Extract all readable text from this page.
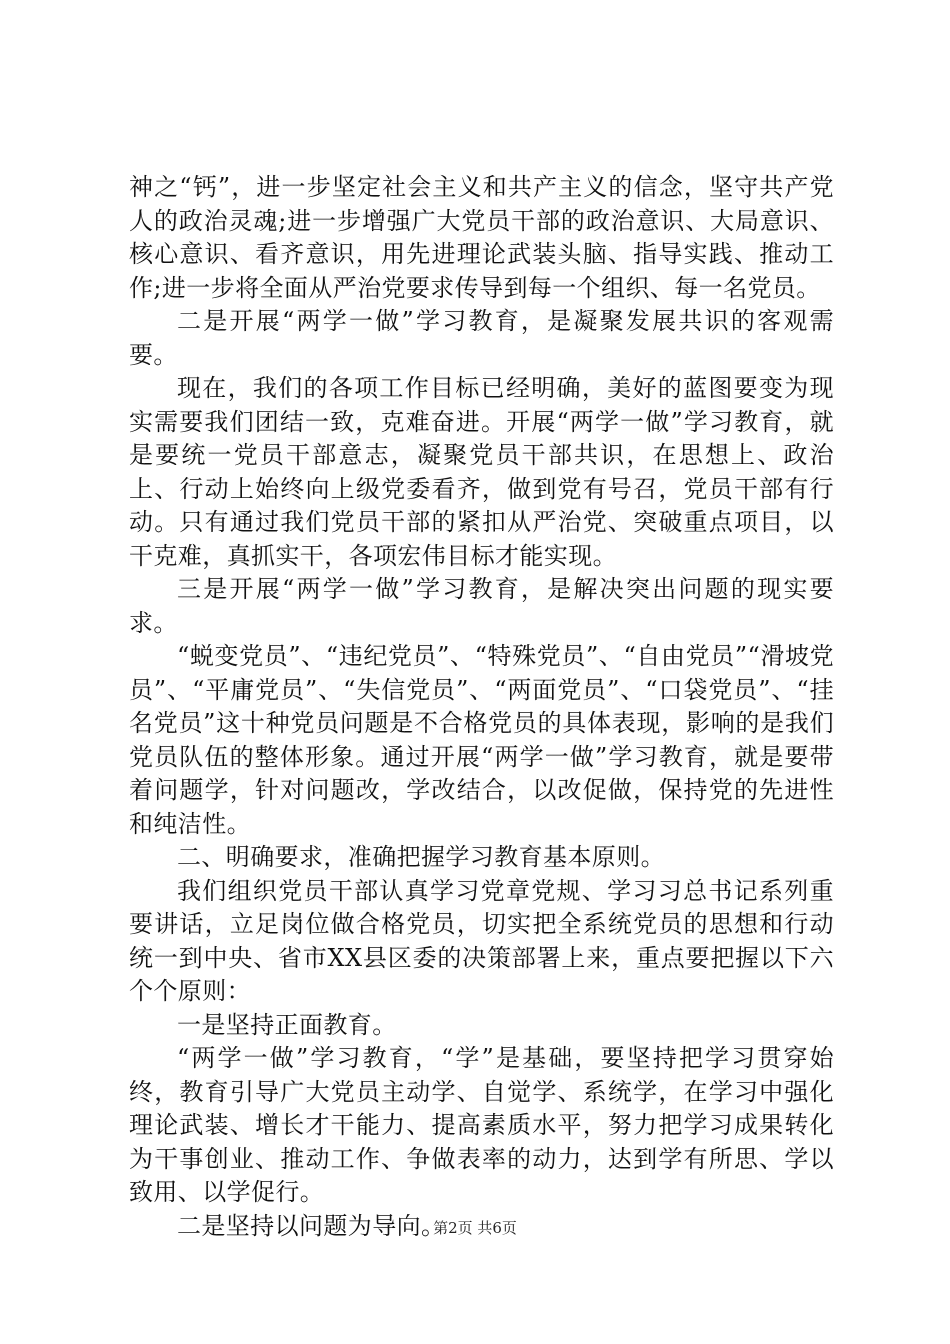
神之“钙”，进一步坚定社会主义和共产主义的信念，坚守共产党人的政治灵魂;进一步增强广大党员干部的政治意识、大局意识、核心意识、看齐意识，用先进理论武装头脑、指导实践、推动工作;进一步将全面从严治党要求传导到每一个组织、每一名党员。

二是开展“两学一做”学习教育，是凝聚发展共识的客观需要。

现在，我们的各项工作目标已经明确，美好的蓝图要变为现实需要我们团结一致，克难奋进。开展“两学一做”学习教育，就是要统一党员干部意志，凝聚党员干部共识，在思想上、政治上、行动上始终向上级党委看齐，做到党有号召，党员干部有行动。只有通过我们党员干部的紧扣从严治党、突破重点项目，以干克难，真抓实干，各项宏伟目标才能实现。

三是开展“两学一做”学习教育，是解决突出问题的现实要求。

“蜕变党员”、“违纪党员”、“特殊党员”、“自由党员”“滑坡党员”、“平庸党员”、“失信党员”、“两面党员”、“口袋党员”、“挂名党员”这十种党员问题是不合格党员的具体表现，影响的是我们党员队伍的整体形象。通过开展“两学一做”学习教育，就是要带着问题学，针对问题改，学改结合，以改促做，保持党的先进性和纯洁性。

二、明确要求，准确把握学习教育基本原则。

我们组织党员干部认真学习党章党规、学习习总书记系列重要讲话，立足岗位做合格党员，切实把全系统党员的思想和行动统一到中央、省市XX县区委的决策部署上来，重点要把握以下六个个原则：

一是坚持正面教育。

“两学一做”学习教育，“学”是基础，要坚持把学习贯穿始终，教育引导广大党员主动学、自觉学、系统学，在学习中强化理论武装、增长才干能力、提高素质水平，努力把学习成果转化为干事创业、推动工作、争做表率的动力，达到学有所思、学以致用、以学促行。

二是坚持以问题为导向。

第2页 共6页
